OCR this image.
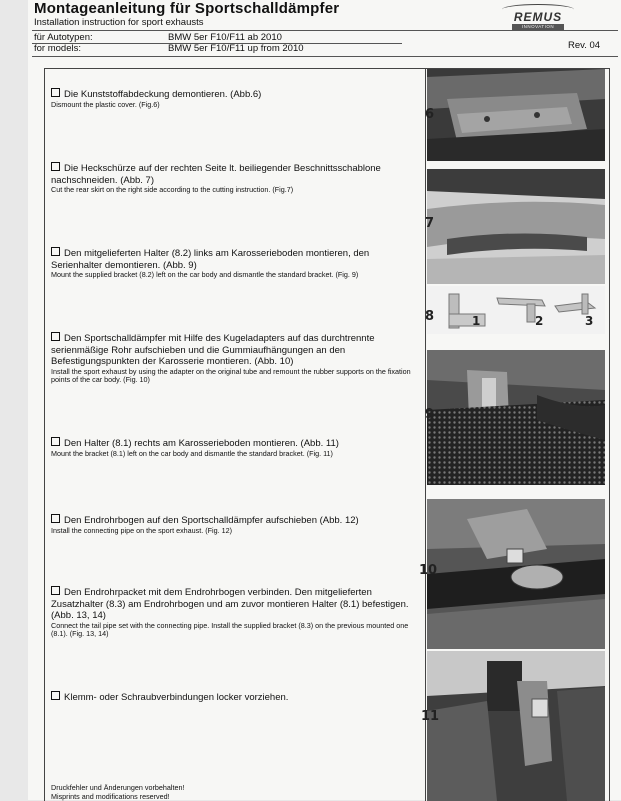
Montageanleitung für Sportschalldämpfer
Installation instruction for sport exhausts	REMUS
INNOVATION
für Autotypen:	BMW 5er F10/F11 ab 2010
for models:	BMW 5er F10/F11 up from 2010	Rev. 04
Die Kunststoffabdeckung demontieren. (Abb.6)
Dismount the plastic cover. (Fig.6)
Die Heckschürze auf der rechten Seite lt. beiliegender Beschnittsschablone nachschneiden. (Abb. 7)
Cut the rear skirt on the right side according to the cutting instruction. (Fig.7)
Den mitgelieferten Halter (8.2) links am Karosserieboden montieren, den Serienhalter demontieren. (Abb. 9)
Mount the supplied bracket (8.2) left on the car body and dismantle the standard bracket. (Fig. 9)
Den Sportschalldämpfer mit Hilfe des Kugeladapters auf das durchtrennte serienmäßige Rohr aufschieben und die Gummiaufhängungen an den Befestigungspunkten der Karosserie montieren. (Abb. 10)
Install the sport exhaust by using the adapter on the original tube and remount the rubber supports on the fixation points of the car body. (Fig. 10)
Den Halter (8.1) rechts am Karosserieboden montieren. (Abb. 11)
Mount the bracket (8.1) left on the car body and dismantle the standard bracket. (Fig. 11)
Den Endrohrbogen auf den Sportschalldämpfer aufschieben (Abb. 12)
Install the connecting pipe on the sport exhaust. (Fig. 12)
Den Endrohrpacket mit dem Endrohrbogen verbinden. Den mitgelieferten Zusatzhalter (8.3) am Endrohrbogen und am zuvor montieren Halter (8.1) befestigen. (Abb. 13, 14)
Connect the tail pipe set with the connecting pipe. Install the supplied bracket (8.3) on the previous mounted one (8.1). (Fig. 13, 14)
Klemm- oder Schraubverbindungen locker vorziehen.
Druckfehler und Änderungen vorbehalten!
Misprints and modifications reserved!
6
7
8	1	2	3
9
10
11
